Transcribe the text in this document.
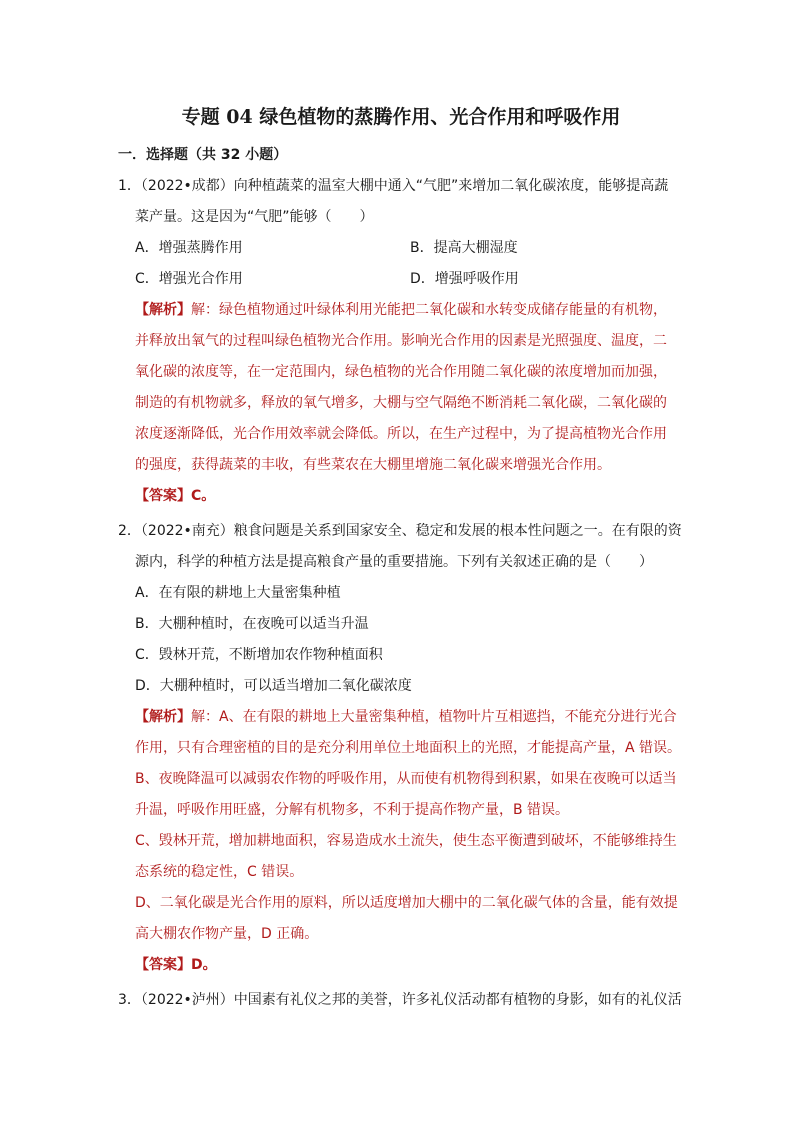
专题 04 绿色植物的蒸腾作用、光合作用和呼吸作用
一．选择题（共 32 小题）
1．（2022•成都）向种植蔬菜的温室大棚中通入“气肥”来增加二氧化碳浓度，能够提高蔬
菜产量。这是因为“气肥”能够（　　）
A．增强蒸腾作用	B．提高大棚湿度
C．增强光合作用	D．增强呼吸作用
【解析】解：绿色植物通过叶绿体利用光能把二氧化碳和水转变成储存能量的有机物，
并释放出氧气的过程叫绿色植物光合作用。影响光合作用的因素是光照强度、温度，二
氧化碳的浓度等，在一定范围内，绿色植物的光合作用随二氧化碳的浓度增加而加强，
制造的有机物就多，释放的氧气增多，大棚与空气隔绝不断消耗二氧化碳，二氧化碳的
浓度逐渐降低，光合作用效率就会降低。所以，在生产过程中，为了提高植物光合作用
的强度，获得蔬菜的丰收，有些菜农在大棚里增施二氧化碳来增强光合作用。
【答案】C。
2．（2022•南充）粮食问题是关系到国家安全、稳定和发展的根本性问题之一。在有限的资
源内，科学的种植方法是提高粮食产量的重要措施。下列有关叙述正确的是（　　）
A．在有限的耕地上大量密集种植
B．大棚种植时，在夜晚可以适当升温
C．毁林开荒，不断增加农作物种植面积
D．大棚种植时，可以适当增加二氧化碳浓度
【解析】解：A、在有限的耕地上大量密集种植，植物叶片互相遮挡，不能充分进行光合
作用，只有合理密植的目的是充分利用单位土地面积上的光照，才能提高产量，A 错误。
B、夜晚降温可以减弱农作物的呼吸作用，从而使有机物得到积累，如果在夜晚可以适当
升温，呼吸作用旺盛，分解有机物多，不利于提高作物产量，B 错误。
C、毁林开荒，增加耕地面积，容易造成水土流失，使生态平衡遭到破坏，不能够维持生
态系统的稳定性，C 错误。
D、二氧化碳是光合作用的原料，所以适度增加大棚中的二氧化碳气体的含量，能有效提
高大棚农作物产量，D 正确。
【答案】D。
3．（2022•泸州）中国素有礼仪之邦的美誉，许多礼仪活动都有植物的身影，如有的礼仪活
